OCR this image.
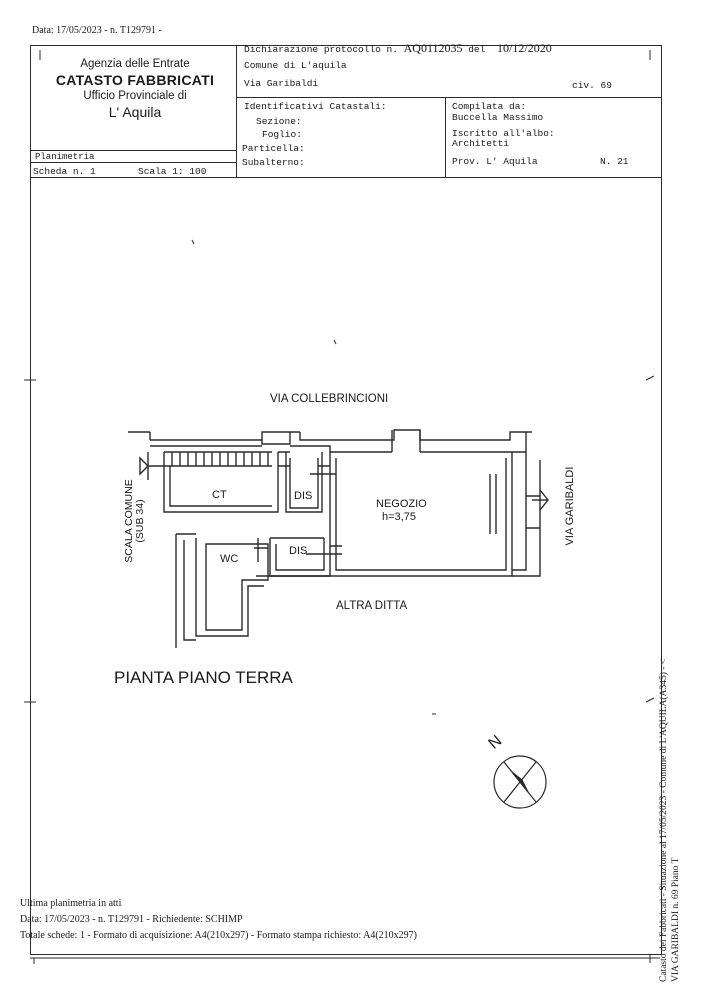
Data: 17/05/2023 - n. T129791 -
Agenzia delle Entrate
CATASTO FABBRICATI
Ufficio Provinciale di
L' Aquila
Dichiarazione protocollo n. AQ0112035 del 10/12/2020
Comune di L'aquila
Via Garibaldi	civ. 69
Identificativi Catastali:
Sezione:
Foglio:
Particella:
Subalterno:
Compilata da:
Buccella Massimo
Iscritto all'albo:
Architetti
Prov. L' Aquila	N. 21
Planimetria
Scheda n. 1	Scala 1: 100
VIA COLLEBRINCIONI
CT	DIS
NEGOZIO
h=3,75
DIS
WC
ALTRA DITTA
PIANTA PIANO TERRA
SCALA COMUNE (SUB 34)	VIA GARIBALDI
N	Catasto dei Fabbricati - Situazione al 17/05/2023 - Comune di L'AQUILA(A345) - < VIA GARIBALDI n. 69 Piano T
Ultima planimetria in atti
Data: 17/05/2023 - n. T129791 - Richiedente: SCHIMP
Totale schede: 1 - Formato di acquisizione: A4(210x297) - Formato stampa richiesto: A4(210x297)
